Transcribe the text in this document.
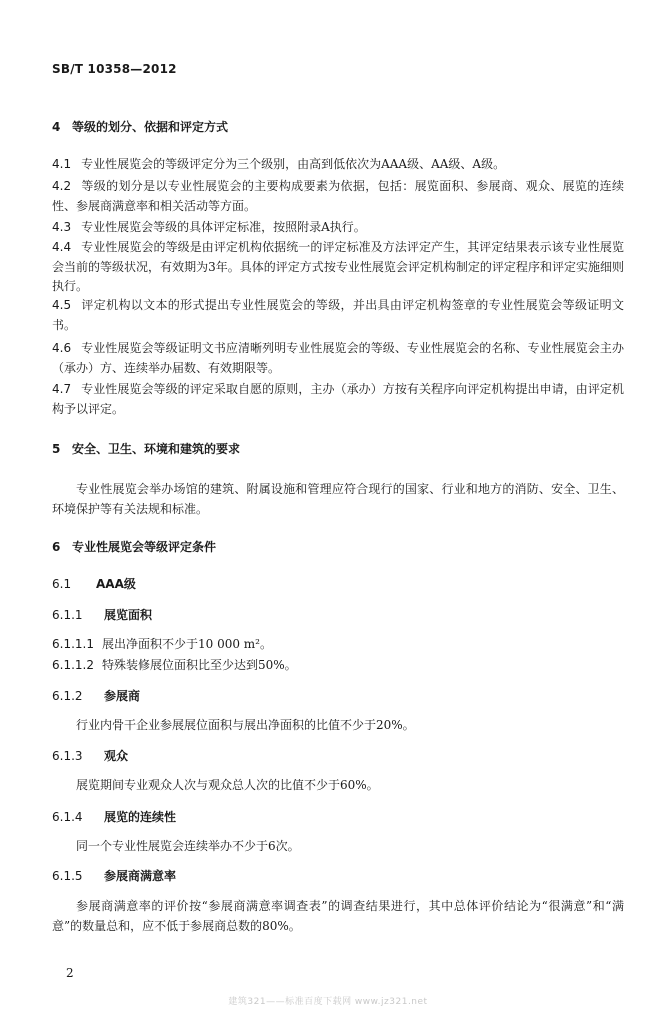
SB/T 10358—2012
4 等级的划分、依据和评定方式

4.1 专业性展览会的等级评定分为三个级别，由高到低依次为AAA级、AA级、A级。

4.2 等级的划分是以专业性展览会的主要构成要素为依据，包括：展览面积、参展商、观众、展览的连续性、参展商满意率和相关活动等方面。

4.3 专业性展览会等级的具体评定标准，按照附录A执行。

4.4 专业性展览会的等级是由评定机构依据统一的评定标准及方法评定产生，其评定结果表示该专业性展览会当前的等级状况，有效期为3年。具体的评定方式按专业性展览会评定机构制定的评定程序和评定实施细则执行。

4.5 评定机构以文本的形式提出专业性展览会的等级，并出具由评定机构签章的专业性展览会等级证明文书。

4.6 专业性展览会等级证明文书应清晰列明专业性展览会的等级、专业性展览会的名称、专业性展览会主办（承办）方、连续举办届数、有效期限等。

4.7 专业性展览会等级的评定采取自愿的原则，主办（承办）方按有关程序向评定机构提出申请，由评定机构予以评定。

5 安全、卫生、环境和建筑的要求

专业性展览会举办场馆的建筑、附属设施和管理应符合现行的国家、行业和地方的消防、安全、卫生、环境保护等有关法规和标准。

6 专业性展览会等级评定条件
6.1 AAA级
6.1.1 展览面积

6.1.1.1 展出净面积不少于10 000 m²。

6.1.1.2 特殊装修展位面积比至少达到50%。

6.1.2 参展商

行业内骨干企业参展展位面积与展出净面积的比值不少于20%。

6.1.3 观众

展览期间专业观众人次与观众总人次的比值不少于60%。

6.1.4 展览的连续性

同一个专业性展览会连续举办不少于6次。

6.1.5 参展商满意率

参展商满意率的评价按“参展商满意率调查表”的调查结果进行，其中总体评价结论为“很满意”和“满意”的数量总和，应不低于参展商总数的80%。

2
建筑321——标准百度下载网 www.jz321.net
